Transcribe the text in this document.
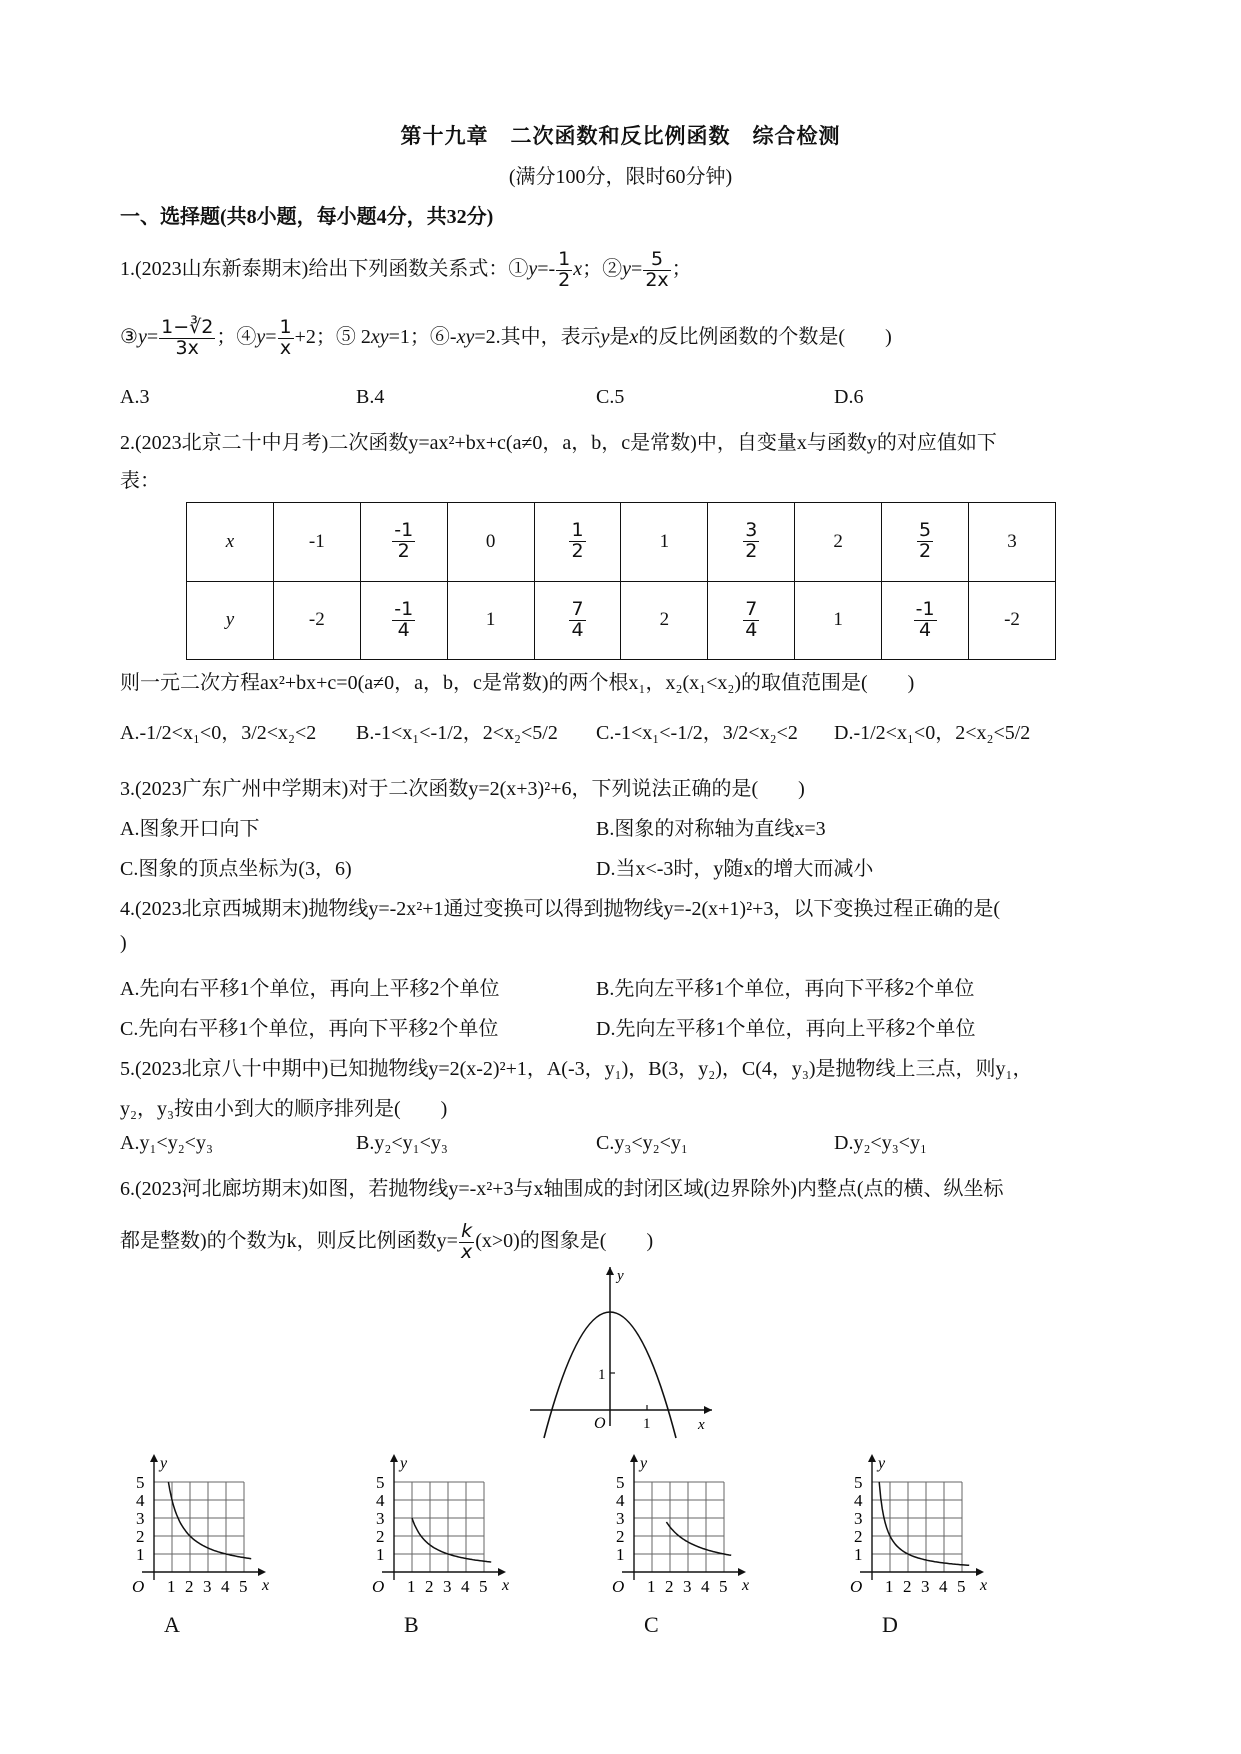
第十九章　二次函数和反比例函数　综合检测
(满分100分，限时60分钟)
一、选择题(共8小题，每小题4分，共32分)
1.(2023山东新泰期末)给出下列函数关系式：①y=- $\frac{1}{2}$ x；②y= $\frac{5}{2x}$ ；
③y= $\frac{1-∛2}{3x}$ ；④y= $\frac{1}{x} +2$；⑤ 2xy=1；⑥-xy=2.其中，表示y是x的反比例函数的个数是(　　)
A.3	B.4	C.5	D.6
2.(2023北京二十中月考)二次函数y=ax²+bx+c(a≠0，a，b，c是常数)中，自变量x与函数y的对应值如下
表：
x	-1	$\frac{-1}{2}$	0	$\frac{1}{2}$	1	$\frac{3}{2}$	2	$\frac{5}{2}$	3
y	-2	$\frac{-1}{4}$	1	$\frac{7}{4}$	2	$\frac{7}{4}$	1	$\frac{-1}{4}$	-2
则一元二次方程ax²+bx+c=0(a≠0，a，b，c是常数)的两个根x₁，x₂(x₁<x₂)的取值范围是(　　)
A.-1/2<x₁<0，3/2<x₂<2 B.-1<x₁<-1/2，2<x₂<5/2 C.-1<x₁<-1/2，3/2<x₂<2 D.-1/2<x₁<0，2<x₂<5/2
3.(2023广东广州中学期末)对于二次函数y=2(x+3)²+6，下列说法正确的是(　　)
A.图象开口向下	B.图象的对称轴为直线x=3
C.图象的顶点坐标为(3，6)	D.当x<-3时，y随x的增大而减小
4.(2023北京西城期末)抛物线y=-2x²+1通过变换可以得到抛物线y=-2(x+1)²+3，以下变换过程正确的是(
)
A.先向右平移1个单位，再向上平移2个单位	B.先向左平移1个单位，再向下平移2个单位
C.先向右平移1个单位，再向下平移2个单位	D.先向左平移1个单位，再向上平移2个单位
5.(2023北京八十中期中)已知抛物线y=2(x-2)²+1，A(-3，y₁)，B(3，y₂)，C(4，y₃)是抛物线上三点，则y₁，
y₂，y₃按由小到大的顺序排列是(　　)
A.y₁<y₂<y₃	B.y₂<y₁<y₃	C.y₃<y₂<y₁	D.y₂<y₃<y₁
6.(2023河北廊坊期末)如图，若抛物线y=-x²+3与x轴围成的封闭区域(边界除外)内整点(点的横、纵坐标
都是整数)的个数为k，则反比例函数$y= \frac{k}{x} (x>0)$的图象是(　　)
y
x
O
1
1
1
2
3
4
5
1 2 3 4 5
O
y
x
A
1
2
3
4
5
1 2 3 4 5
O
y
x
B
1
2
3
4
5
1 2 3 4 5
O
y
x
C
1
2
3
4
5
1 2 3 4 5
O
y
x
D
